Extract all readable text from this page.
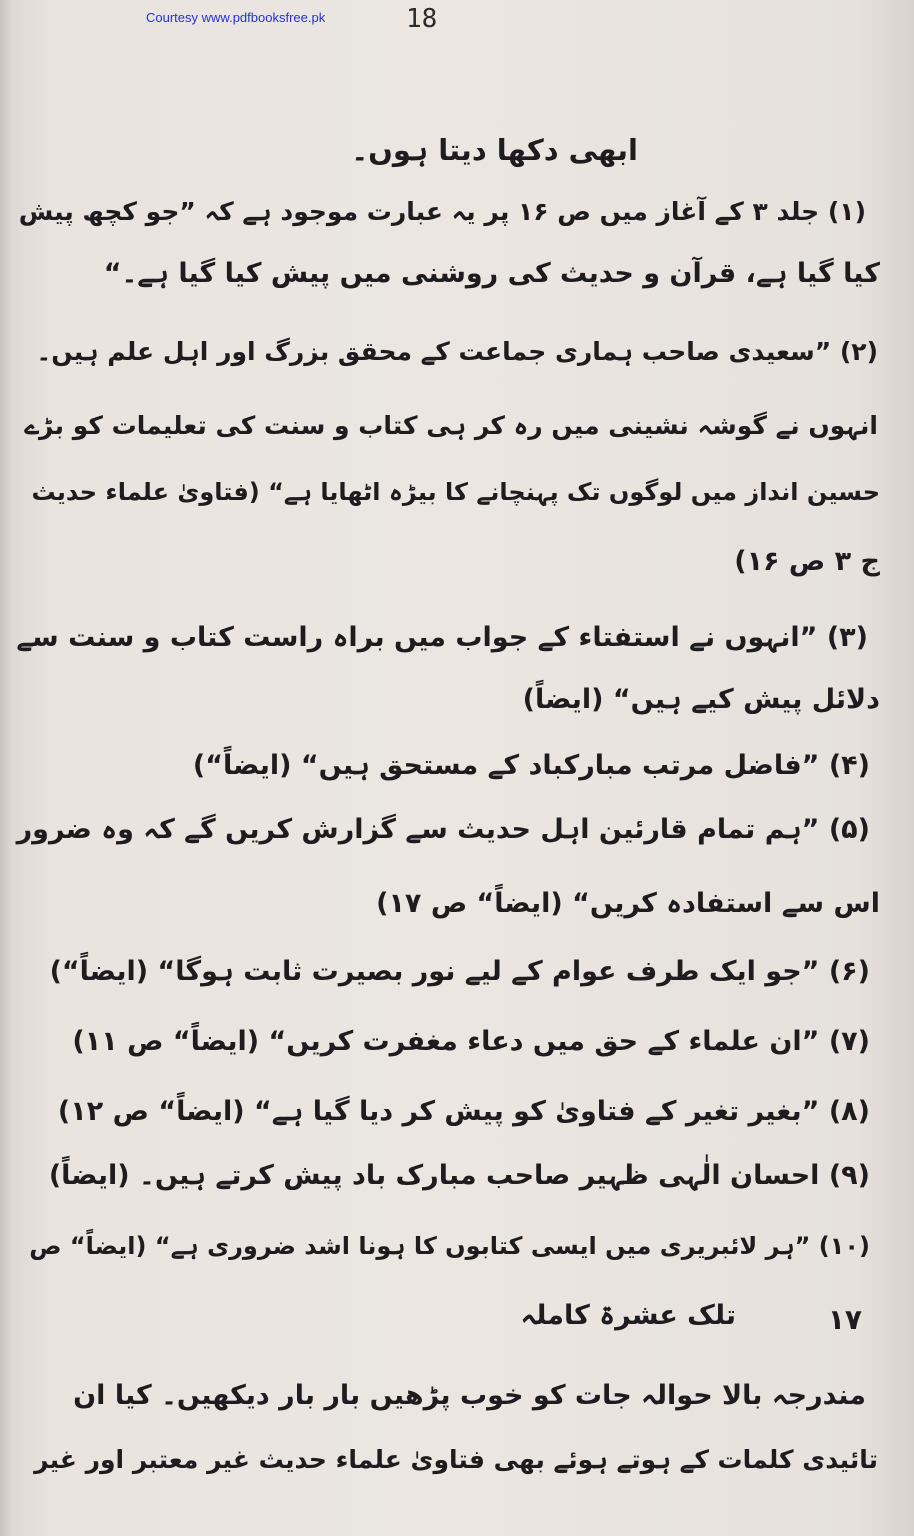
Courtesy www.pdfbooksfree.pk	18
ابھی دکھا دیتا ہوں۔
(۱) جلد ۳ کے آغاز میں ص ۱۶ پر یہ عبارت موجود ہے کہ ”جو کچھ پیش
کیا گیا ہے، قرآن و حدیث کی روشنی میں پیش کیا گیا ہے۔“
(۲) ”سعیدی صاحب ہماری جماعت کے محقق بزرگ اور اہل علم ہیں۔
انہوں نے گوشہ نشینی میں رہ کر ہی کتاب و سنت کی تعلیمات کو بڑے
حسین انداز میں لوگوں تک پہنچانے کا بیڑہ اٹھایا ہے“ (فتاویٰ علماء حدیث
ج ۳ ص ۱۶)
(۳) ”انہوں نے استفتاء کے جواب میں براہ راست کتاب و سنت سے
دلائل پیش کیے ہیں“ (ایضاً)
(۴) ”فاضل مرتب مبارکباد کے مستحق ہیں“ (ایضاً“)
(۵) ”ہم تمام قارئین اہل حدیث سے گزارش کریں گے کہ وہ ضرور
اس سے استفادہ کریں“ (ایضاً“ ص ۱۷)
(۶) ”جو ایک طرف عوام کے لیے نور بصیرت ثابت ہوگا“ (ایضاً“)
(۷) ”ان علماء کے حق میں دعاء مغفرت کریں“ (ایضاً“ ص ۱۱)
(۸) ”بغیر تغیر کے فتاویٰ کو پیش کر دیا گیا ہے“ (ایضاً“ ص ۱۲)
(۹) احسان الٰہی ظہیر صاحب مبارک باد پیش کرتے ہیں۔ (ایضاً)
(۱۰) ”ہر لائبریری میں ایسی کتابوں کا ہونا اشد ضروری ہے“ (ایضاً“ ص
۱۷
تلک عشرۃ کاملہ
مندرجہ بالا حوالہ جات کو خوب پڑھیں بار بار دیکھیں۔ کیا ان
تائیدی کلمات کے ہوتے ہوئے بھی فتاویٰ علماء حدیث غیر معتبر اور غیر
